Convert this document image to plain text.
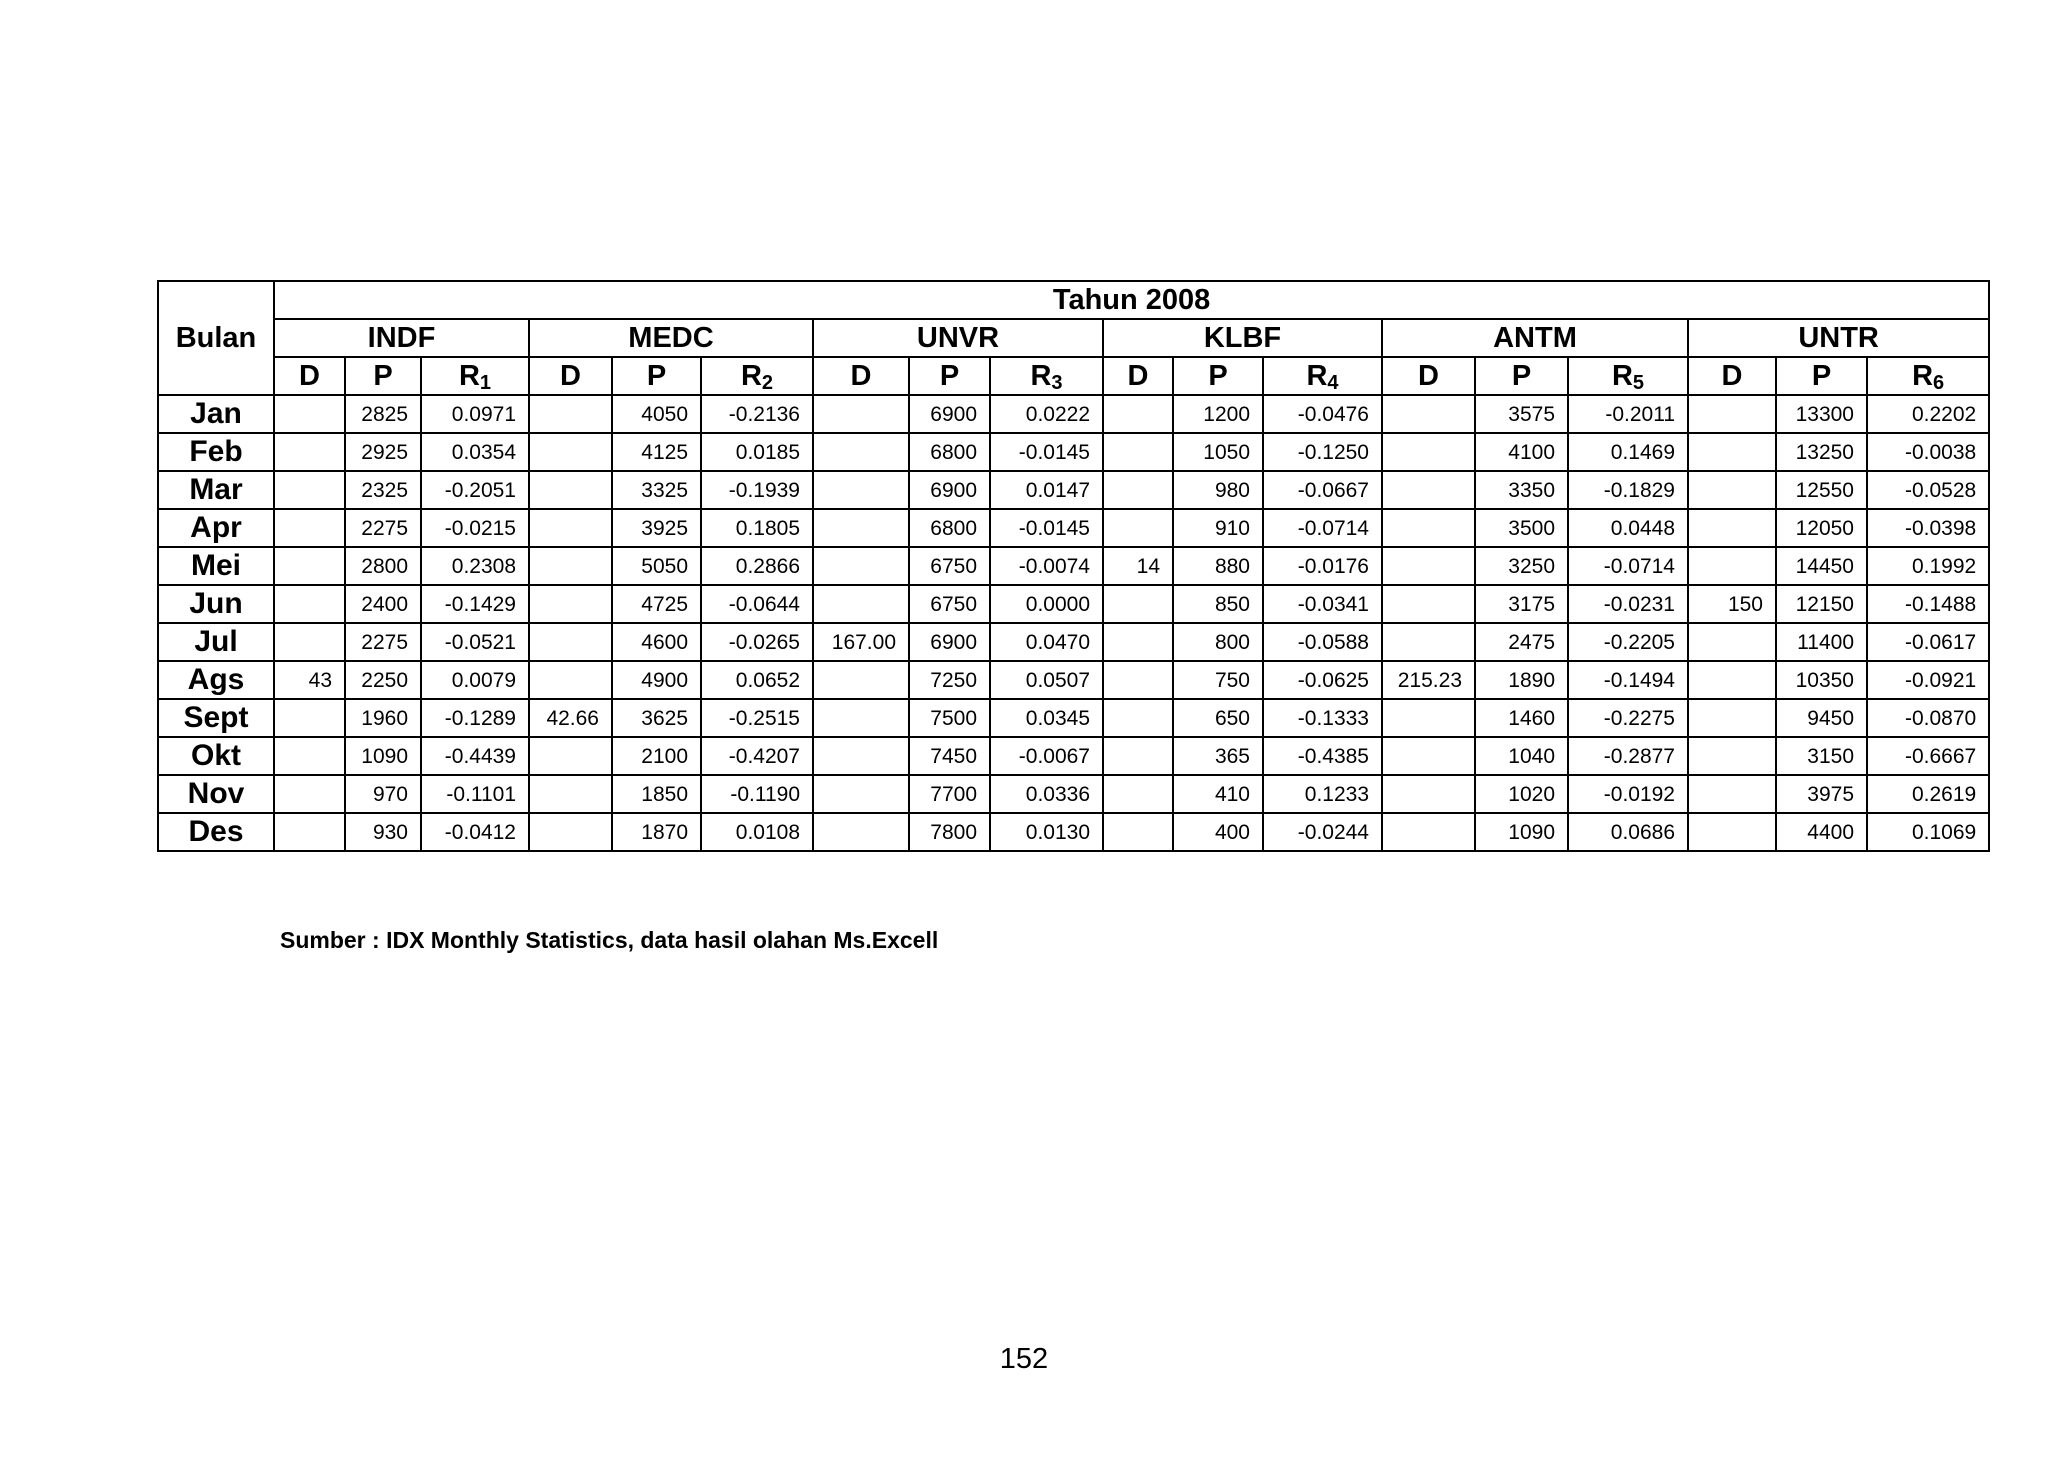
Bulan	Tahun 2008																	
	INDF			MEDC			UNVR			KLBF			ANTM			UNTR		
	D	P	$R_1$	D	P	$R_2$	D	P	$R_3$	D	P	$R_4$	D	P	$R_5$	D	P	$R_6$
Jan		2825	0.0971		4050	-0.2136		6900	0.0222		1200	-0.0476		3575	-0.2011		13300	0.2202
Feb		2925	0.0354		4125	0.0185		6800	-0.0145		1050	-0.1250		4100	0.1469		13250	-0.0038
Mar		2325	-0.2051		3325	-0.1939		6900	0.0147		980	-0.0667		3350	-0.1829		12550	-0.0528
Apr		2275	-0.0215		3925	0.1805		6800	-0.0145		910	-0.0714		3500	0.0448		12050	-0.0398
Mei		2800	0.2308		5050	0.2866		6750	-0.0074	14	880	-0.0176		3250	-0.0714		14450	0.1992
Jun		2400	-0.1429		4725	-0.0644		6750	0.0000		850	-0.0341		3175	-0.0231	150	12150	-0.1488
Jul		2275	-0.0521		4600	-0.0265	167.00	6900	0.0470		800	-0.0588		2475	-0.2205		11400	-0.0617
Ags	43	2250	0.0079		4900	0.0652		7250	0.0507		750	-0.0625	215.23	1890	-0.1494		10350	-0.0921
Sept		1960	-0.1289	42.66	3625	-0.2515		7500	0.0345		650	-0.1333		1460	-0.2275		9450	-0.0870
Okt		1090	-0.4439		2100	-0.4207		7450	-0.0067		365	-0.4385		1040	-0.2877		3150	-0.6667
Nov		970	-0.1101		1850	-0.1190		7700	0.0336		410	0.1233		1020	-0.0192		3975	0.2619
Des		930	-0.0412		1870	0.0108		7800	0.0130		400	-0.0244		1090	0.0686		4400	0.1069
Sumber : IDX Monthly Statistics, data hasil olahan Ms.Excell
152
